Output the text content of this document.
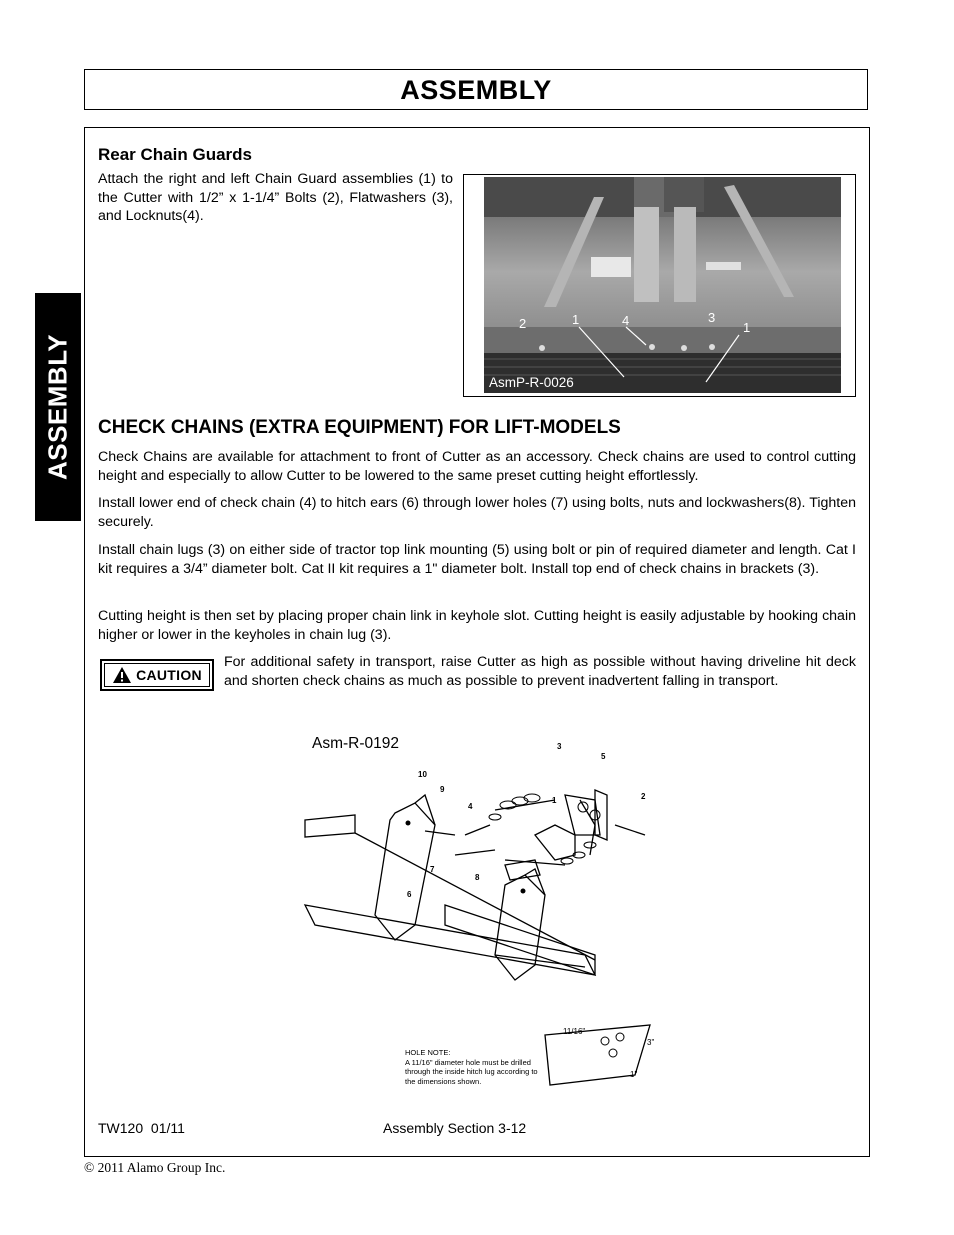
ASSEMBLY
ASSEMBLY
Rear Chain Guards
Attach the right and left Chain Guard assemblies (1) to the Cutter with 1/2” x 1-1/4” Bolts (2), Flatwashers (3), and Locknuts(4).
AsmP-R-0026
2	1	4	3
1
CHECK CHAINS (EXTRA EQUIPMENT) FOR LIFT-MODELS
Check Chains are available for attachment to front of Cutter as an accessory. Check chains are used to control cutting height and especially to allow Cutter to be lowered to the same preset cutting height effortlessly.
Install lower end of check chain (4) to hitch ears (6) through lower holes (7) using bolts, nuts and lockwashers(8). Tighten securely.
Install chain lugs (3) on either side of tractor top link mounting (5) using bolt or pin of required diameter and length. Cat I kit requires a 3/4” diameter bolt. Cat II kit requires a 1" diameter bolt. Install top end of check chains in brackets (3).
Cutting height is then set by placing proper chain link in keyhole slot. Cutting height is easily adjustable by hooking chain higher or lower in the keyholes in chain lug (3).
CAUTION
For additional safety in transport, raise Cutter as high as possible without having driveline hit deck and shorten check chains as much as possible to prevent inadvertent falling in transport.
Asm-R-0192
10
9
4
7
8
6
3
5
1	2
HOLE NOTE:
A 11/16" diameter hole must be drilled
through the inside hitch lug according to
the dimensions shown.
11/16"
3"
1"
TW120  01/11	Assembly Section 3-12
© 2011 Alamo Group Inc.
